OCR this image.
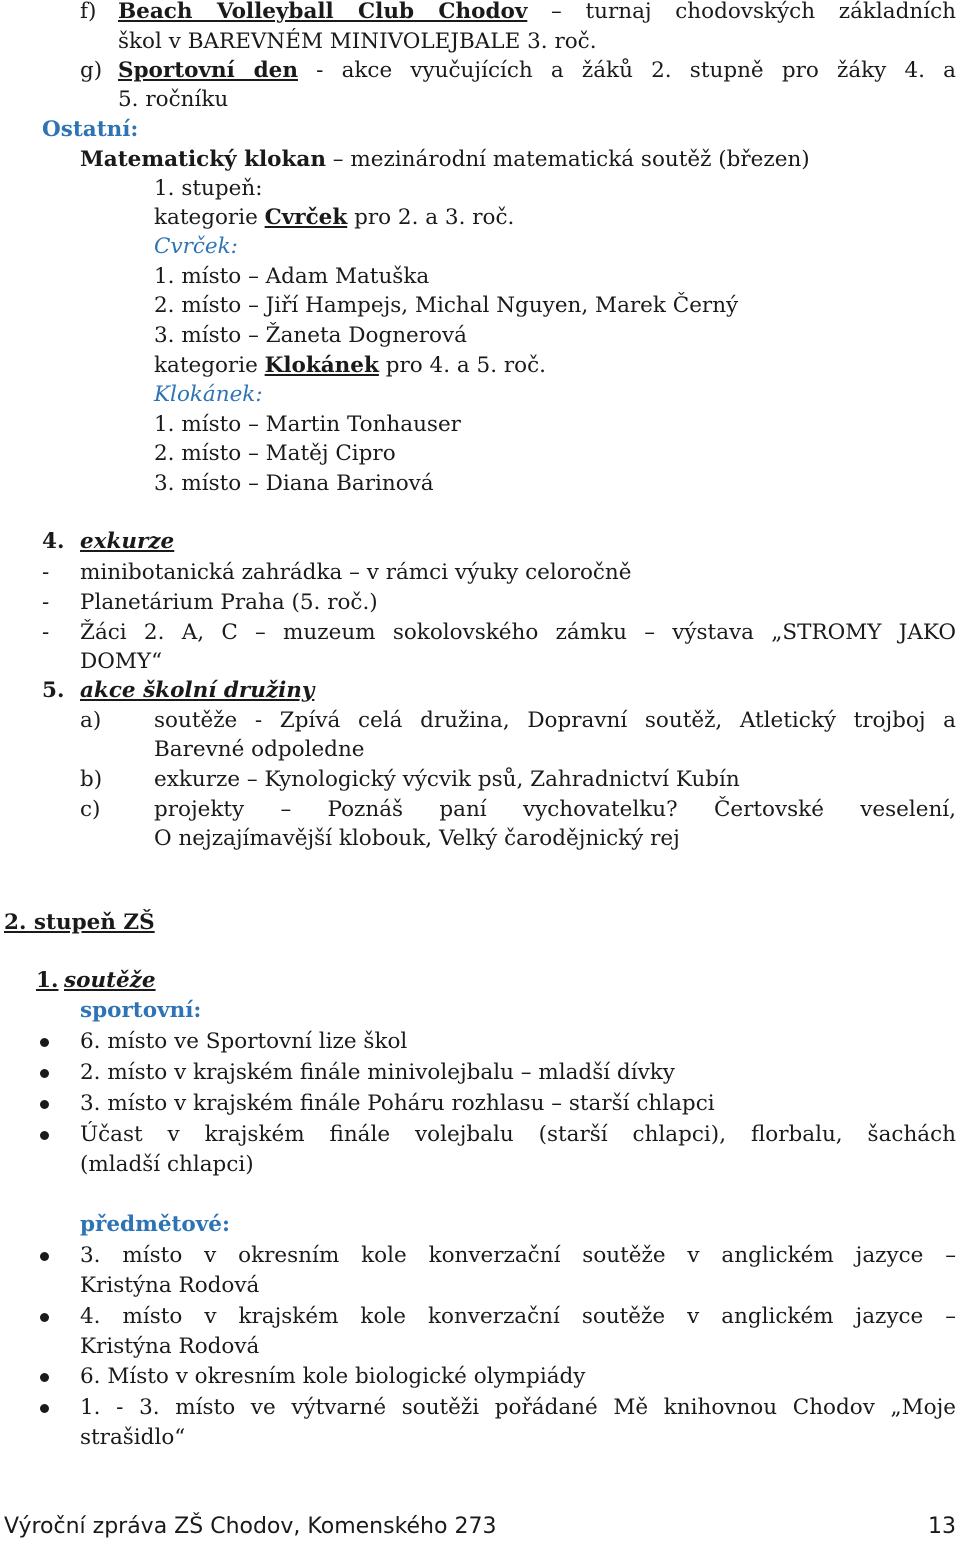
f) Beach Volleyball Club Chodov – turnaj chodovských základních
škol v BAREVNÉM MINIVOLEJBALE 3. roč.
g) Sportovní den - akce vyučujících a žáků 2. stupně pro žáky 4. a
5. ročníku
Ostatní:
Matematický klokan – mezinárodní matematická soutěž (březen)
1. stupeň:
kategorie Cvrček pro 2. a 3. roč.
Cvrček:
1. místo – Adam Matuška
2. místo – Jiří Hampejs, Michal Nguyen, Marek Černý
3. místo – Žaneta Dognerová
kategorie Klokánek pro 4. a 5. roč.
Klokánek:
1. místo – Martin Tonhauser
2. místo – Matěj Cipro
3. místo – Diana Barinová
4. exkurze
- minibotanická zahrádka – v rámci výuky celoročně
- Planetárium Praha (5. roč.)
- Žáci 2. A, C – muzeum sokolovského zámku – výstava „STROMY JAKO
DOMY“
5. akce školní družiny
a) soutěže - Zpívá celá družina, Dopravní soutěž, Atletický trojboj a
Barevné odpoledne
b) exkurze – Kynologický výcvik psů, Zahradnictví Kubín
c) projekty – Poznáš paní vychovatelku? Čertovské veselení,
O nejzajímavější klobouk, Velký čarodějnický rej
2. stupeň ZŠ
1. soutěže
sportovní:
6. místo ve Sportovní lize škol
2. místo v krajském finále minivolejbalu – mladší dívky
3. místo v krajském finále Poháru rozhlasu – starší chlapci
Účast v krajském finále volejbalu (starší chlapci), florbalu, šachách
(mladší chlapci)
předmětové:
3. místo v okresním kole konverzační soutěže v anglickém jazyce –
Kristýna Rodová
4. místo v krajském kole konverzační soutěže v anglickém jazyce –
Kristýna Rodová
6. Místo v okresním kole biologické olympiády
1. - 3. místo ve výtvarné soutěži pořádané Mě knihovnou Chodov „Moje
strašidlo“
Výroční zpráva ZŠ Chodov, Komenského 273	13
